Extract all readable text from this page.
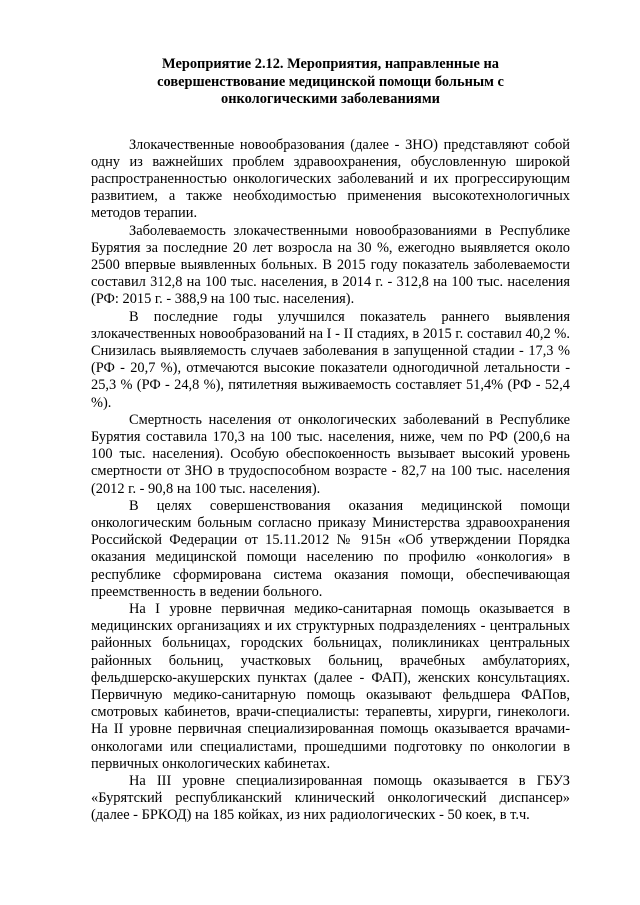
Мероприятие 2.12. Мероприятия, направленные на
совершенствование медицинской помощи больным с
онкологическими заболеваниями

Злокачественные новообразования (далее - ЗНО) представляют собой одну из важнейших проблем здравоохранения, обусловленную широкой распространенностью онкологических заболеваний и их прогрессирующим развитием, а также необходимостью применения высокотехнологичных методов терапии.

Заболеваемость злокачественными новообразованиями в Республике Бурятия за последние 20 лет возросла на 30 %, ежегодно выявляется около 2500 впервые выявленных больных. В 2015 году показатель заболеваемости составил 312,8 на 100 тыс. населения, в 2014 г. - 312,8 на 100 тыс. населения (РФ: 2015 г. - 388,9 на 100 тыс. населения).

В последние годы улучшился показатель раннего выявления злокачественных новообразований на I - II стадиях, в 2015 г. составил 40,2 %. Снизилась выявляемость случаев заболевания в запущенной стадии - 17,3 % (РФ - 20,7 %), отмечаются высокие показатели одногодичной летальности - 25,3 % (РФ - 24,8 %), пятилетняя выживаемость составляет 51,4% (РФ - 52,4 %).

Смертность населения от онкологических заболеваний в Республике Бурятия составила 170,3 на 100 тыс. населения, ниже, чем по РФ (200,6 на 100 тыс. населения). Особую обеспокоенность вызывает высокий уровень смертности от ЗНО в трудоспособном возрасте - 82,7 на 100 тыс. населения (2012 г. - 90,8 на 100 тыс. населения).

В целях совершенствования оказания медицинской помощи онкологическим больным согласно приказу Министерства здравоохранения Российской Федерации от 15.11.2012 № 915н «Об утверждении Порядка оказания медицинской помощи населению по профилю «онкология» в республике сформирована система оказания помощи, обеспечивающая преемственность в ведении больного.

На I уровне первичная медико-санитарная помощь оказывается в медицинских организациях и их структурных подразделениях - центральных районных больницах, городских больницах, поликлиниках центральных районных больниц, участковых больниц, врачебных амбулаториях, фельдшерско-акушерских пунктах (далее - ФАП), женских консультациях. Первичную медико-санитарную помощь оказывают фельдшера ФАПов, смотровых кабинетов, врачи-специалисты: терапевты, хирурги, гинекологи. На II уровне первичная специализированная помощь оказывается врачами-онкологами или специалистами, прошедшими подготовку по онкологии в первичных онкологических кабинетах.

На III уровне специализированная помощь оказывается в ГБУЗ «Бурятский республиканский клинический онкологический диспансер» (далее - БРКОД) на 185 койках, из них радиологических - 50 коек, в т.ч.
